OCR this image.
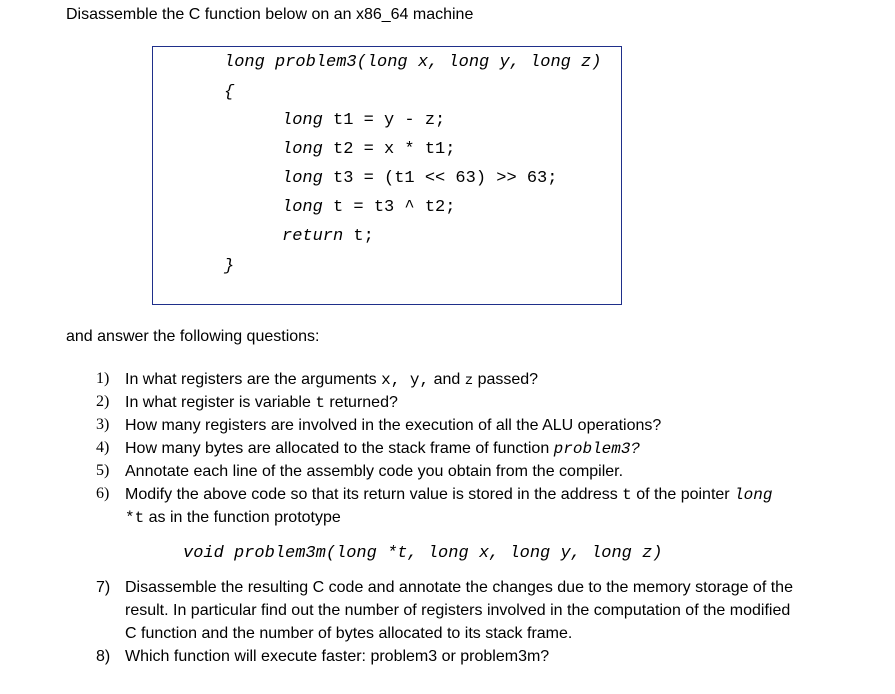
Disassemble the C function below on an x86_64 machine
long problem3(long x, long y, long z)
{
long t1 = y - z;
long t2 = x * t1;
long t3 = (t1 << 63) >> 63;
long t = t3 ^ t2;
return t;
}
and answer the following questions:
1) In what registers are the arguments x, y, and z passed?
2) In what register is variable t returned?
3) How many registers are involved in the execution of all the ALU operations?
4) How many bytes are allocated to the stack frame of function problem3?
5) Annotate each line of the assembly code you obtain from the compiler.
6) Modify the above code so that its return value is stored in the address t of the pointer long
*t as in the function prototype
void problem3m(long *t, long x, long y, long z)
7) Disassemble the resulting C code and annotate the changes due to the memory storage of the
result. In particular find out the number of registers involved in the computation of the modified
C function and the number of bytes allocated to its stack frame.
8) Which function will execute faster: problem3 or problem3m?
